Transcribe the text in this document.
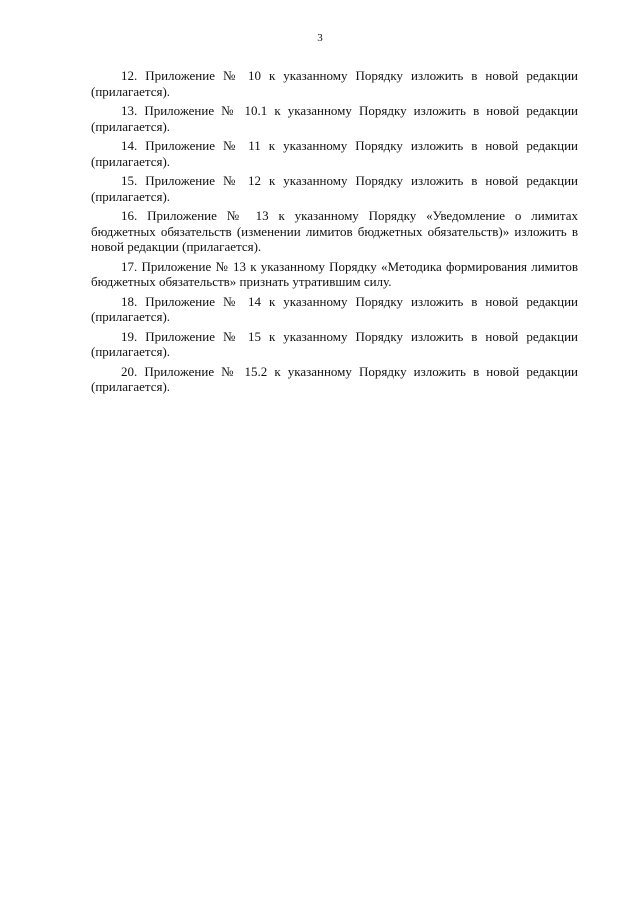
3

12. Приложение № 10 к указанному Порядку изложить в новой редакции (прилагается).

13. Приложение № 10.1 к указанному Порядку изложить в новой редакции (прилагается).

14. Приложение № 11 к указанному Порядку изложить в новой редакции (прилагается).

15. Приложение № 12 к указанному Порядку изложить в новой редакции (прилагается).

16. Приложение № 13 к указанному Порядку «Уведомление о лимитах бюджетных обязательств (изменении лимитов бюджетных обязательств)» изложить в новой редакции (прилагается).

17. Приложение № 13 к указанному Порядку «Методика формирования лимитов бюджетных обязательств» признать утратившим силу.

18. Приложение № 14 к указанному Порядку изложить в новой редакции (прилагается).

19. Приложение № 15 к указанному Порядку изложить в новой редакции (прилагается).

20. Приложение № 15.2 к указанному Порядку изложить в новой редакции (прилагается).
